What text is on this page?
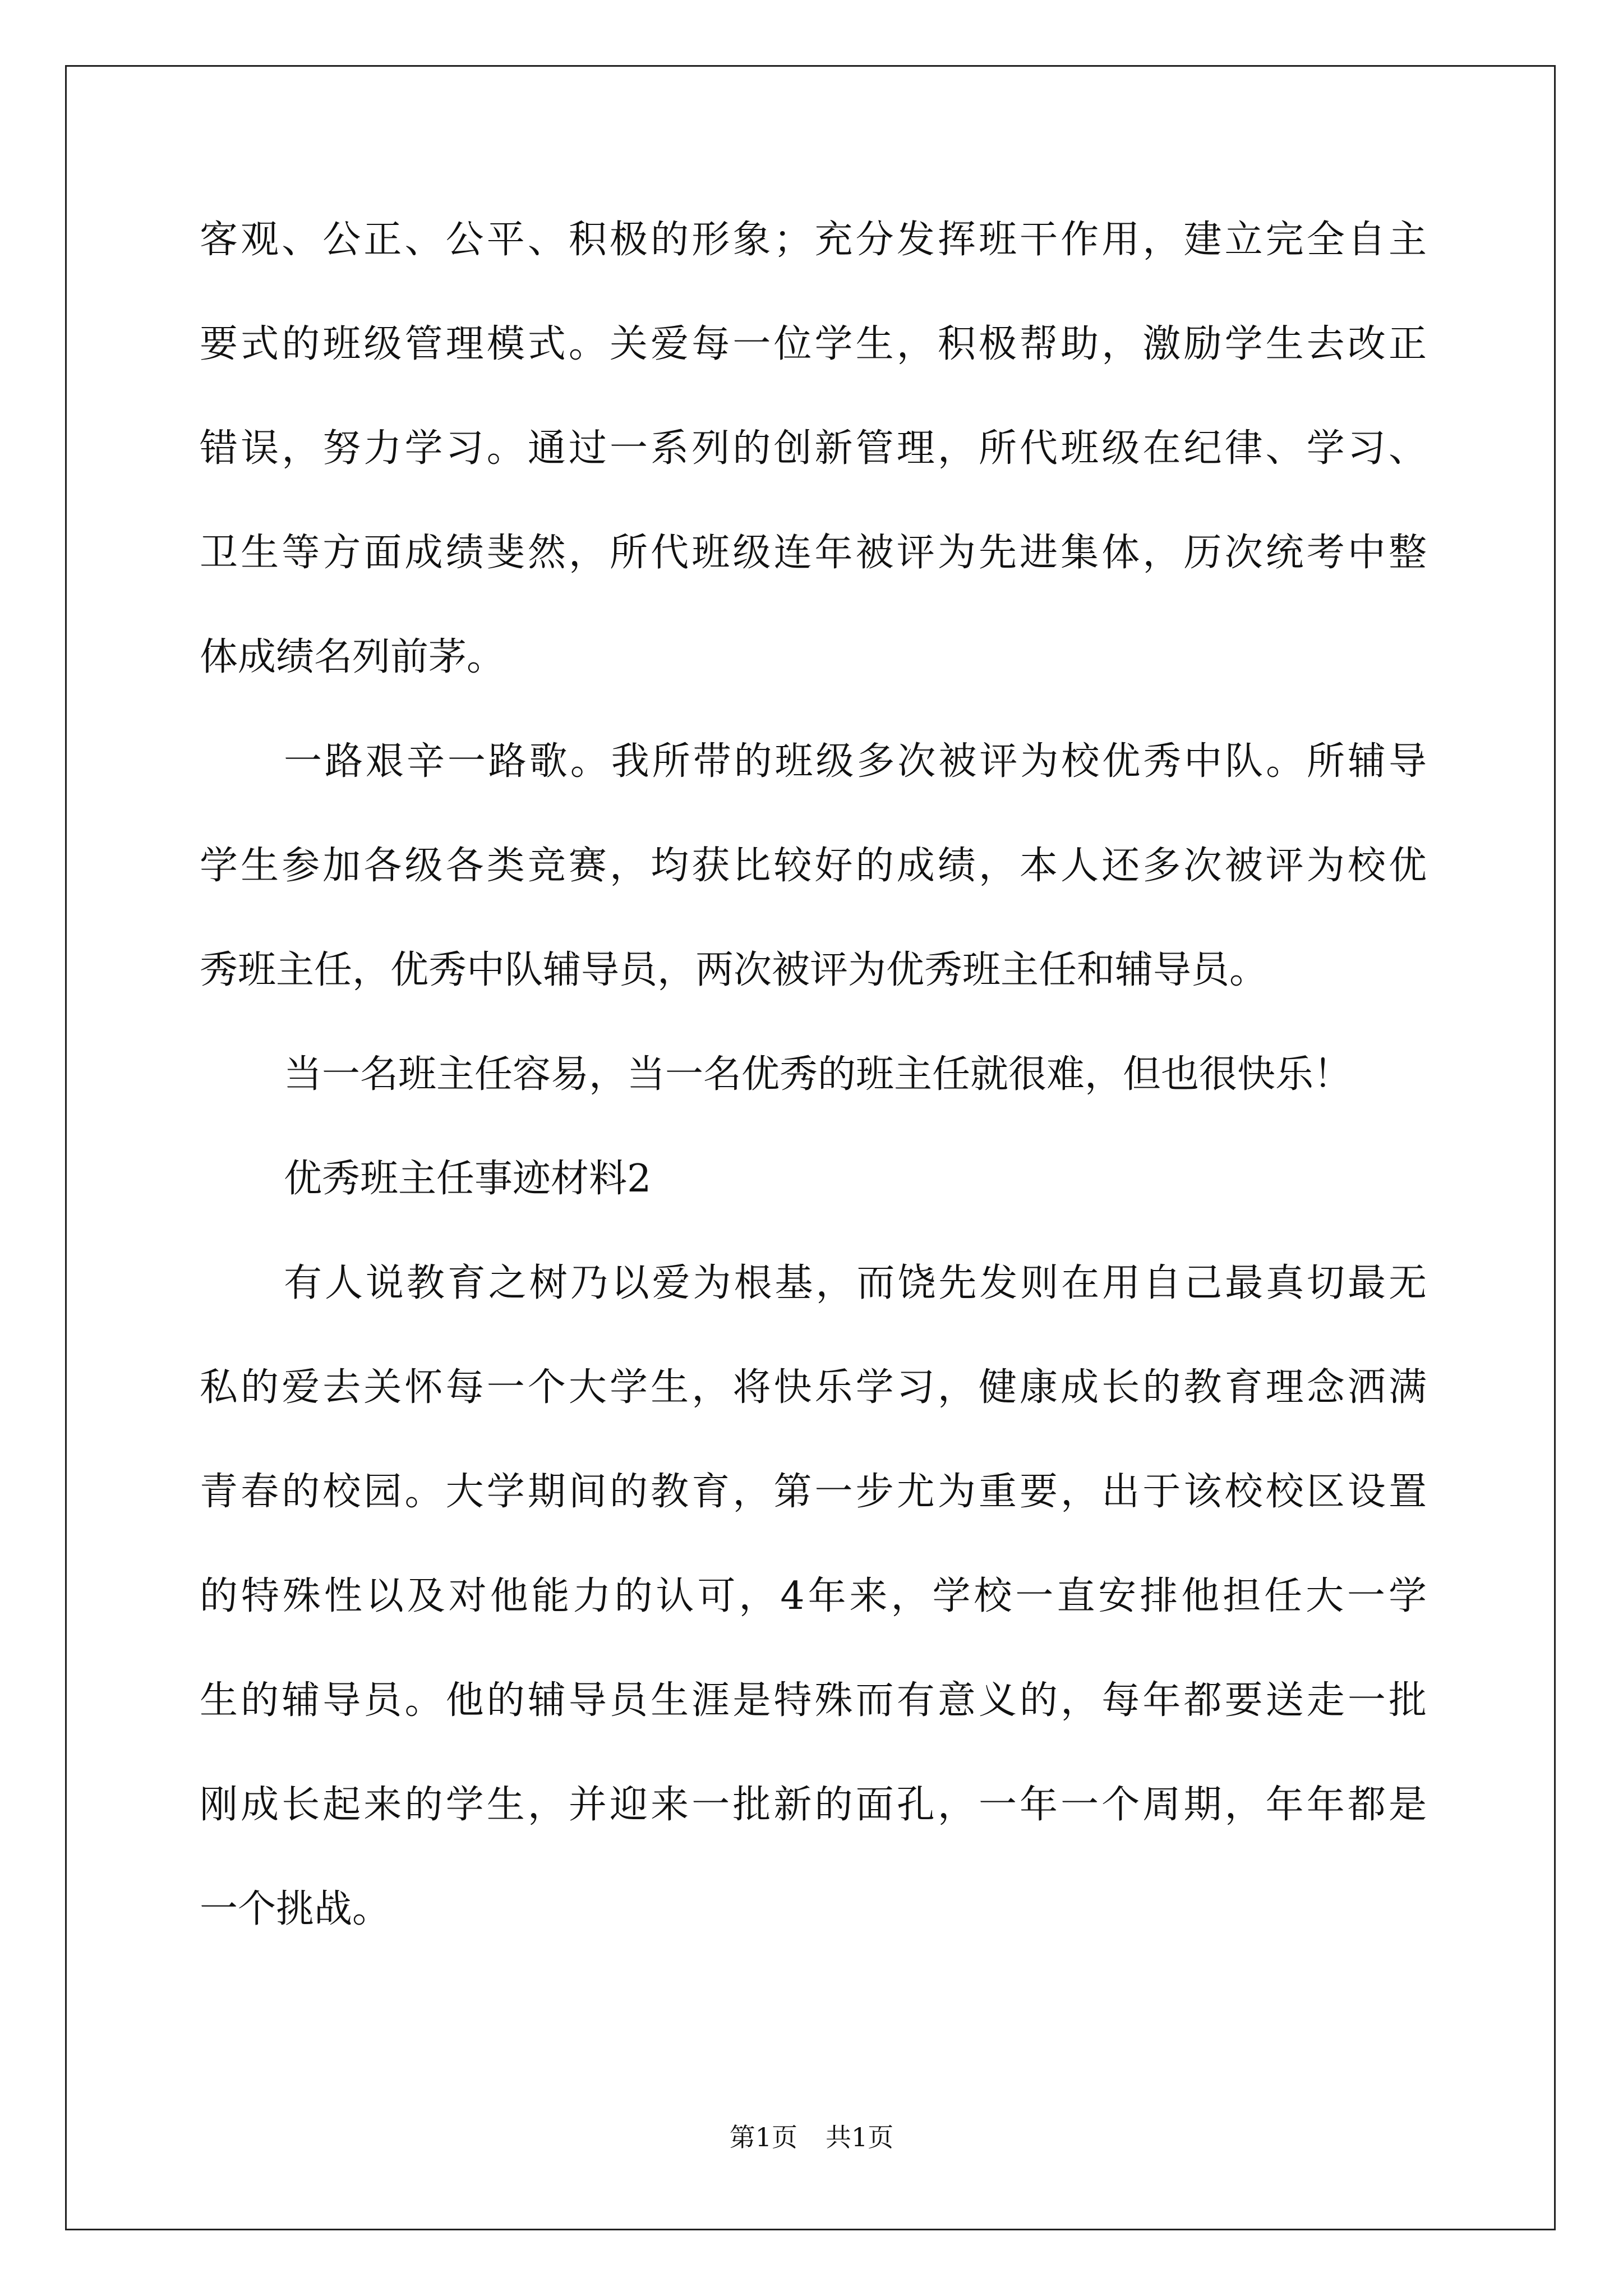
客观、公正、公平、积极的形象；充分发挥班干作用，建立完全自主
要式的班级管理模式。关爱每一位学生，积极帮助，激励学生去改正
错误，努力学习。通过一系列的创新管理，所代班级在纪律、学习、
卫生等方面成绩斐然，所代班级连年被评为先进集体，历次统考中整
体成绩名列前茅。
一路艰辛一路歌。我所带的班级多次被评为校优秀中队。所辅导
学生参加各级各类竞赛，均获比较好的成绩，本人还多次被评为校优
秀班主任，优秀中队辅导员，两次被评为优秀班主任和辅导员。
当一名班主任容易，当一名优秀的班主任就很难，但也很快乐！
优秀班主任事迹材料2
有人说教育之树乃以爱为根基，而饶先发则在用自己最真切最无
私的爱去关怀每一个大学生，将快乐学习，健康成长的教育理念洒满
青春的校园。大学期间的教育，第一步尤为重要，出于该校校区设置
的特殊性以及对他能力的认可，4年来，学校一直安排他担任大一学
生的辅导员。他的辅导员生涯是特殊而有意义的，每年都要送走一批
刚成长起来的学生，并迎来一批新的面孔，一年一个周期，年年都是
一个挑战。
第1页 共1页
